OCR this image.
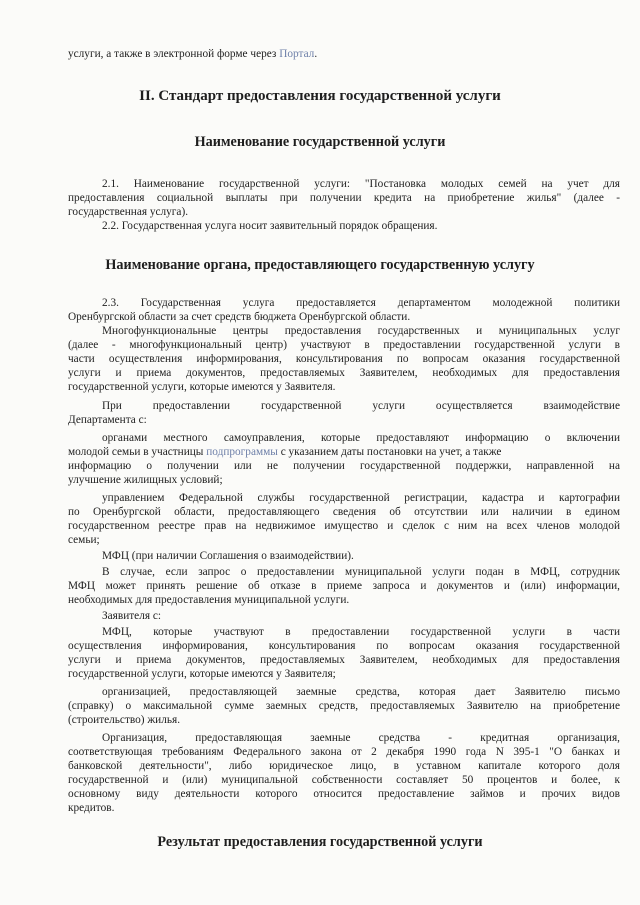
услуги, а также в электронной форме через Портал.
II. Стандарт предоставления государственной услуги
Наименование государственной услуги
2.1. Наименование государственной услуги: "Постановка молодых семей на учет для
предоставления социальной выплаты при получении кредита на приобретение жилья" (далее -
государственная услуга).
2.2. Государственная услуга носит заявительный порядок обращения.
Наименование органа, предоставляющего государственную услугу
2.3. Государственная услуга предоставляется департаментом молодежной политики
Оренбургской области за счет средств бюджета Оренбургской области.
Многофункциональные центры предоставления государственных и муниципальных услуг
(далее - многофункциональный центр) участвуют в предоставлении государственной услуги в
части осуществления информирования, консультирования по вопросам оказания государственной
услуги и приема документов, предоставляемых Заявителем, необходимых для предоставления
государственной услуги, которые имеются у Заявителя.
При предоставлении государственной услуги осуществляется взаимодействие
Департамента с:
органами местного самоуправления, которые предоставляют информацию о включении
молодой семьи в участницы подпрограммы с указанием даты постановки на учет, а также
информацию о получении или не получении государственной поддержки, направленной на
улучшение жилищных условий;
управлением Федеральной службы государственной регистрации, кадастра и картографии
по Оренбургской области, предоставляющего сведения об отсутствии или наличии в едином
государственном реестре прав на недвижимое имущество и сделок с ним на всех членов молодой
семьи;
МФЦ (при наличии Соглашения о взаимодействии).
В случае, если запрос о предоставлении муниципальной услуги подан в МФЦ, сотрудник
МФЦ может принять решение об отказе в приеме запроса и документов и (или) информации,
необходимых для предоставления муниципальной услуги.
Заявителя с:
МФЦ, которые участвуют в предоставлении государственной услуги в части
осуществления информирования, консультирования по вопросам оказания государственной
услуги и приема документов, предоставляемых Заявителем, необходимых для предоставления
государственной услуги, которые имеются у Заявителя;
организацией, предоставляющей заемные средства, которая дает Заявителю письмо
(справку) о максимальной сумме заемных средств, предоставляемых Заявителю на приобретение
(строительство) жилья.
Организация, предоставляющая заемные средства - кредитная организация,
соответствующая требованиям Федерального закона от 2 декабря 1990 года N 395-1 "О банках и
банковской деятельности", либо юридическое лицо, в уставном капитале которого доля
государственной и (или) муниципальной собственности составляет 50 процентов и более, к
основному виду деятельности которого относится предоставление займов и прочих видов
кредитов.
Результат предоставления государственной услуги
